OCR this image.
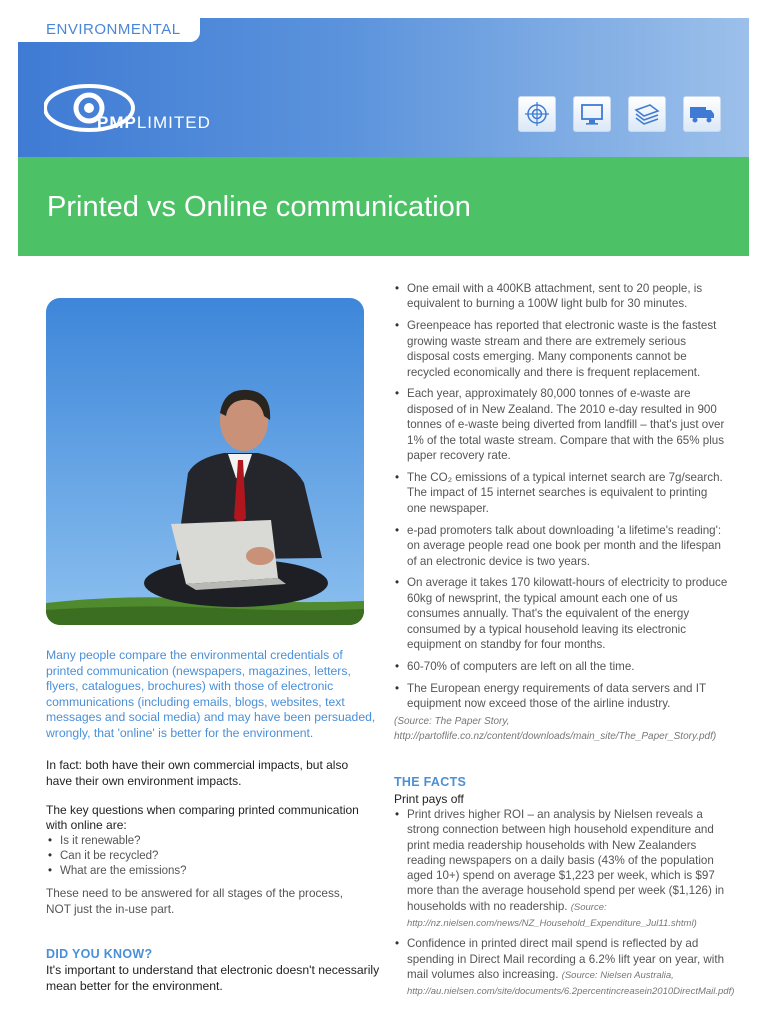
ENVIRONMENTAL
PMPLIMITED
Printed vs Online communication

Many people compare the environmental credentials of printed communication (newspapers, magazines, letters, flyers, catalogues, brochures) with those of electronic communications (including emails, blogs, websites, text messages and social media) and may have been persuaded, wrongly, that 'online' is better for the environment.

In fact: both have their own commercial impacts, but also have their own environment impacts.

The key questions when comparing printed communication with online are:

• Is it renewable?
• Can it be recycled?
• What are the emissions?

These need to be answered for all stages of the process, NOT just the in-use part.

DID YOU KNOW?

It's important to understand that electronic doesn't necessarily mean better for the environment.

• One email with a 400KB attachment, sent to 20 people, is equivalent to burning a 100W light bulb for 30 minutes.
• Greenpeace has reported that electronic waste is the fastest growing waste stream and there are extremely serious disposal costs emerging. Many components cannot be recycled economically and there is frequent replacement.
• Each year, approximately 80,000 tonnes of e-waste are disposed of in New Zealand. The 2010 e-day resulted in 900 tonnes of e-waste being diverted from landfill – that's just over 1% of the total waste stream. Compare that with the 65% plus paper recovery rate.
• The CO₂ emissions of a typical internet search are 7g/search. The impact of 15 internet searches is equivalent to printing one newspaper.
• e-pad promoters talk about downloading 'a lifetime's reading': on average people read one book per month and the lifespan of an electronic device is two years.
• On average it takes 170 kilowatt-hours of electricity to produce 60kg of newsprint, the typical amount each one of us consumes annually. That's the equivalent of the energy consumed by a typical household leaving its electronic equipment on standby for four months.
• 60-70% of computers are left on all the time.
• The European energy requirements of data servers and IT equipment now exceed those of the airline industry.

(Source: The Paper Story, http://partoflife.co.nz/content/downloads/main_site/The_Paper_Story.pdf)

THE FACTS

Print pays off

• Print drives higher ROI – an analysis by Nielsen reveals a strong connection between high household expenditure and print media readership households with New Zealanders reading newspapers on a daily basis (43% of the population aged 10+) spend on average $1,223 per week, which is $97 more than the average household spend per week ($1,126) in households with no readership. (Source: http://nz.nielsen.com/news/NZ_Household_Expenditure_Jul11.shtml)
• Confidence in printed direct mail spend is reflected by ad spending in Direct Mail recording a 6.2% lift year on year, with mail volumes also increasing. (Source: Nielsen Australia, http://au.nielsen.com/site/documents/6.2percentincreasein2010DirectMail.pdf)
